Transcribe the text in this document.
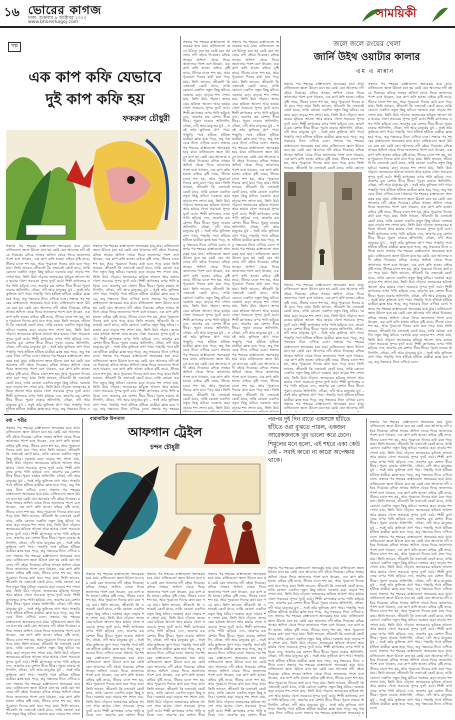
১৬ ভোরের কাগজ
ঢাকা, শুক্রবার ৯ অক্টোবর ২০২০
www.bhorerkagoj.com
সাময়িকী
গল্প
এক কাপ কফি যেভাবে
দুই কাপ কফি হয়
ফকরুল চৌধুরী
সন্ধ্যার পর শহরের রাস্তাগুলো অন্যরকম হয়ে যায়। বাতিগুলো জ্বলে উঠলে মনে হয় কেউ যেন আলোর নদী বইয়ে দিয়েছে। রফিক সাহেব অফিস থেকে ফিরে জানালার পাশে বসে থাকেন, এক কাপ কফি হাতে। বাইরে বৃষ্টি নামে, টিনের চালে শব্দ হয়, আর পুরোনো দিনের কথা মনে পড়ে যায়। তিনি ভাবেন, জীবনটা কি এভাবেই কেটে যাবে, নাকি কোনো একদিন নতুন কিছু ঘটবে। দরজায় কড়া নাড়ার শব্দ শোনা যায়, তিনি উঠে দাঁড়ান। জলরঙের ছবিতে আলো আর ছায়ার খেলা সবচেয়ে সুন্দর ফুটে ওঠে। শিল্পী কাগজের ওপর পানি ছড়িয়ে দেন, তারপর রঙ মেশান ধীরে ধীরে। পুরান ঢাকার অলিগলি, নৌকা, নদী আর মানুষের মুখ – সবই তাঁর তুলিতে প্রাণ পায়। পাহাড়ি পথে হাঁটতে হাঁটতে যাত্রীরা ক্লান্ত হয়ে পড়ে, তবু গন্তব্যের টানে এগিয়ে চলে। সন্ধ্যার পর শহরের রাস্তাগুলো অন্যরকম হয়ে যায়। বাতিগুলো জ্বলে উঠলে মনে হয় কেউ যেন আলোর নদী বইয়ে দিয়েছে। রফিক সাহেব অফিস থেকে ফিরে জানালার পাশে বসে থাকেন, এক কাপ কফি হাতে। বাইরে বৃষ্টি নামে, টিনের চালে শব্দ হয়, আর পুরোনো দিনের কথা মনে পড়ে যায়। তিনি ভাবেন, জীবনটা কি এভাবেই কেটে যাবে, নাকি কোনো একদিন নতুন কিছু ঘটবে। দরজায় কড়া নাড়ার শব্দ শোনা যায়, তিনি উঠে দাঁড়ান। জলরঙের ছবিতে আলো আর ছায়ার খেলা সবচেয়ে সুন্দর ফুটে ওঠে। শিল্পী কাগজের ওপর পানি ছড়িয়ে দেন, তারপর রঙ মেশান ধীরে ধীরে। পুরান ঢাকার অলিগলি, নৌকা, নদী আর মানুষের মুখ – সবই তাঁর তুলিতে প্রাণ পায়। পাহাড়ি পথে হাঁটতে হাঁটতে যাত্রীরা ক্লান্ত হয়ে পড়ে, তবু গন্তব্যের টানে এগিয়ে চলে। সন্ধ্যার পর শহরের রাস্তাগুলো অন্যরকম হয়ে যায়। বাতিগুলো জ্বলে উঠলে মনে হয় কেউ যেন আলোর নদী বইয়ে দিয়েছে। রফিক সাহেব অফিস থেকে ফিরে জানালার পাশে বসে থাকেন, এক কাপ কফি হাতে। বাইরে বৃষ্টি নামে, টিনের চালে শব্দ হয়, আর পুরোনো দিনের কথা মনে পড়ে যায়। তিনি ভাবেন, জীবনটা কি এভাবেই কেটে যাবে, নাকি কোনো একদিন নতুন কিছু ঘটবে। দরজায় কড়া নাড়ার শব্দ শোনা যায়, তিনি উঠে দাঁড়ান। জলরঙের ছবিতে আলো আর ছায়ার খেলা সবচেয়ে সুন্দর ফুটে ওঠে। শিল্পী কাগজের ওপর পানি ছড়িয়ে দেন, তারপর রঙ মেশান ধীরে ধীরে। পুরান ঢাকার অলিগলি, নৌকা, নদী আর মানুষের মুখ – সবই তাঁর তুলিতে প্রাণ পায়। পাহাড়ি পথে হাঁটতে হাঁটতে যাত্রীরা ক্লান্ত হয়ে পড়ে, তবু গন্তব্যের টানে এ
সন্ধ্যার পর শহরের রাস্তাগুলো অন্যরকম হয়ে যায়। বাতিগুলো জ্বলে উঠলে মনে হয় কেউ যেন আলোর নদী বইয়ে দিয়েছে। রফিক সাহেব অফিস থেকে ফিরে জানালার পাশে বসে থাকেন, এক কাপ কফি হাতে। বাইরে বৃষ্টি নামে, টিনের চালে শব্দ হয়, আর পুরোনো দিনের কথা মনে পড়ে যায়। তিনি ভাবেন, জীবনটা কি এভাবেই কেটে যাবে, নাকি কোনো একদিন নতুন কিছু ঘটবে। দরজায় কড়া নাড়ার শব্দ শোনা যায়, তিনি উঠে দাঁড়ান। জলরঙের ছবিতে আলো আর ছায়ার খেলা সবচেয়ে সুন্দর ফুটে ওঠে। শিল্পী কাগজের ওপর পানি ছড়িয়ে দেন, তারপর রঙ মেশান ধীরে ধীরে। পুরান ঢাকার অলিগলি, নৌকা, নদী আর মানুষের মুখ – সবই তাঁর তুলিতে প্রাণ পায়। পাহাড়ি পথে হাঁটতে হাঁটতে যাত্রীরা ক্লান্ত হয়ে পড়ে, তবু গন্তব্যের টানে এগিয়ে চলে। সন্ধ্যার পর শহরের রাস্তাগুলো অন্যরকম হয়ে যায়। বাতিগুলো জ্বলে উঠলে মনে হয় কেউ যেন আলোর নদী বইয়ে দিয়েছে। রফিক সাহেব অফিস থেকে ফিরে জানালার পাশে বসে থাকেন, এক কাপ কফি হাতে। বাইরে বৃষ্টি নামে, টিনের চালে শব্দ হয়, আর পুরোনো দিনের কথা মনে পড়ে যায়। তিনি ভাবেন, জীবনটা কি এভাবেই কেটে যাবে, নাকি কোনো একদিন নতুন কিছু ঘটবে। দরজায় কড়া নাড়ার শব্দ শোনা যায়, তিনি উঠে দাঁড়ান। জলরঙের ছবিতে আলো আর ছায়ার খেলা সবচেয়ে সুন্দর ফুটে ওঠে। শিল্পী কাগজের ওপর পানি ছড়িয়ে দেন, তারপর রঙ মেশান ধীরে ধীরে। পুরান ঢাকার অলিগলি, নৌকা, নদী আর মানুষের মুখ – সবই তাঁর তুলিতে প্রাণ পায়। পাহাড়ি পথে হাঁটতে হাঁটতে যাত্রীরা ক্লান্ত হয়ে পড়ে, তবু গন্তব্যের টানে এগিয়ে চলে। সন্ধ্যার পর শহরের রাস্তাগুলো অন্যরকম হয়ে যায়। বাতিগুলো জ্বলে উঠলে মনে হয় কেউ যেন আলোর নদী বইয়ে দিয়েছে। রফিক সাহেব অফিস থেকে ফিরে জানালার পাশে বসে থাকেন, এক কাপ কফি হাতে। বাইরে বৃষ্টি নামে, টিনের চালে শব্দ হয়, আর পুরোনো দিনের কথা মনে পড়ে যায়। তিনি ভাবেন, জীবনটা কি এভাবেই কেটে যাবে, নাকি কোনো একদিন নতুন কিছু ঘটবে। দরজায় কড়া নাড়ার শব্দ শোনা যায়, তিনি উঠে দাঁড়ান। জলরঙের ছবিতে আলো আর ছায়ার খেলা সবচেয়ে সুন্দর ফুটে ওঠে। শিল্পী কাগজের ওপর পানি ছড়িয়ে দেন, তারপর রঙ মেশান ধীরে ধীরে। পুরান ঢাকার অলিগলি, নৌকা, নদী আর মানুষের মুখ – সবই তাঁর তুলিতে প্রাণ পায়। পাহাড়ি পথে হাঁটতে হাঁটতে যাত্রীরা ক্লান্ত হয়ে পড়ে, তবু গন্তব্যের টানে এগিয়ে চলে। সন্ধ্যার পর শহরের
সন্ধ্যার পর শহরের রাস্তাগুলো অন্যরকম হয়ে যায়। বাতিগুলো জ্বলে উঠলে মনে হয় কেউ যেন আলোর নদী বইয়ে দিয়েছে। রফিক সাহেব অফিস থেকে ফিরে জানালার পাশে বসে থাকেন, এক কাপ কফি হাতে। বাইরে বৃষ্টি নামে, টিনের চালে শব্দ হয়, আর পুরোনো দিনের কথা মনে পড়ে যায়। তিনি ভাবেন, জীবনটা কি এভাবেই কেটে যাবে, নাকি কোনো একদিন নতুন কিছু ঘটবে। দরজায় কড়া নাড়ার শব্দ শোনা যায়, তিনি উঠে দাঁড়ান। জলরঙের ছবিতে আলো আর ছায়ার খেলা সবচেয়ে সুন্দর ফুটে ওঠে। শিল্পী কাগজের ওপর পানি ছড়িয়ে দেন, তারপর রঙ মেশান ধীরে ধীরে। পুরান ঢাকার অলিগলি, নৌকা, নদী আর মানুষের মুখ – সবই তাঁর তুলিতে প্রাণ পায়। পাহাড়ি পথে হাঁটতে হাঁটতে যাত্রীরা ক্লান্ত হয়ে পড়ে, তবু গন্তব্যের টানে এগিয়ে চলে। সন্ধ্যার পর শহরের রাস্তাগুলো অন্যরকম হয়ে যায়। বাতিগুলো জ্বলে উঠলে মনে হয় কেউ যেন আলোর নদী বইয়ে দিয়েছে। রফিক সাহেব অফিস থেকে ফিরে জানালার পাশে বসে থাকেন, এক কাপ কফি হাতে। বাইরে বৃষ্টি নামে, টিনের চালে শব্দ হয়, আর পুরোনো দিনের কথা মনে পড়ে যায়। তিনি ভাবেন, জীবনটা কি এভাবেই কেটে যাবে, নাকি কোনো একদিন নতুন কিছু ঘটবে। দরজায় কড়া নাড়ার শব্দ শোনা যায়, তিনি উঠে দাঁড়ান। জলরঙের ছবিতে আলো আর ছায়ার খেলা সবচেয়ে সুন্দর ফুটে ওঠে। শিল্পী কাগজের ওপর পানি ছড়িয়ে দেন, তারপর রঙ মেশান ধীরে ধীরে। পুরান ঢাকার অলিগলি, নৌকা, নদী আর মানুষের মুখ – সবই তাঁর তুলিতে প্রাণ পায়। পাহাড়ি পথে হাঁটতে হাঁটতে যাত্রীরা ক্লান্ত হয়ে পড়ে, তবু গন্তব্যের টানে এগিয়ে চলে। সন্ধ্যার পর শহরের রাস্তাগুলো অন্যরকম হয়ে যায়। বাতিগুলো জ্বলে উঠলে মনে হয় কেউ যেন আলোর নদী বইয়ে দিয়েছে। রফিক সাহেব অফিস থেকে ফিরে জানালার পাশে বসে থাকেন, এক কাপ কফি হাতে। বাইরে বৃষ্টি নামে, টিনের চালে শব্দ হয়, আর পুরোনো দিনের কথা মনে পড়ে যায়। তিনি ভাবেন, জীবনটা কি এভাবেই কেটে যাবে, নাকি কোনো একদিন নতুন কিছু ঘটবে। দরজায় কড়া নাড়ার শব্দ শোনা যায়, তিনি উঠে দাঁড়ান। জলরঙের ছবিতে আলো আর ছায়ার খেলা সবচেয়ে সুন্দর ফুটে ওঠে। শিল্পী কাগজের ওপর পানি ছড়িয়ে দেন, তারপর রঙ মেশান ধীরে ধীরে। পুরান ঢাকার অলিগলি, নৌকা, নদী আর মানুষের মুখ – সবই তাঁর তুলিতে প্রাণ পায়। পাহাড়ি পথে হাঁটতে হাঁটতে যাত্রীরা ক্লান্ত হয়ে পড়ে, তবু গন্তব্যের টানে এগিয়ে চলে। সন্ধ্যার পর শহরের রাস্তাগুলো অন্যরকম হয়ে যায়। বাতিগুলো জ্বলে উঠলে মনে হয় কেউ যেন আলোর নদী বইয়ে দিয়েছে। রফিক সাহেব অফিস থেকে ফিরে জানালার পাশে বসে থাকেন, এক কাপ কফি হাতে। বাইরে বৃষ্টি নামে, টিনের চালে শব্দ হয়, আর পুরোনো দিনের কথা মনে পড়ে যায়। তিনি ভাবেন, জীবনটা কি এভাবেই কেটে যাবে, নাকি কোনো একদিন নতুন কিছু ঘটবে। দরজায় কড়া নাড়ার শব্দ শোনা যায়, তিনি উঠে
সন্ধ্যার পর শহরের রাস্তাগুলো অন্যরকম হয়ে যায়। বাতিগুলো জ্বলে উঠলে মনে হয় কেউ যেন আলোর নদী বইয়ে দিয়েছে। রফিক সাহেব অফিস থেকে ফিরে জানালার পাশে বসে থাকেন, এক কাপ কফি হাতে। বাইরে বৃষ্টি নামে, টিনের চালে শব্দ হয়, আর পুরোনো দিনের কথা মনে পড়ে যায়। তিনি ভাবেন, জীবনটা কি এভাবেই কেটে যাবে, নাকি কোনো একদিন নতুন কিছু ঘটবে। দরজায় কড়া নাড়ার শব্দ শোনা যায়, তিনি উঠে দাঁড়ান। জলরঙের ছবিতে আলো আর ছায়ার খেলা সবচেয়ে সুন্দর ফুটে ওঠে। শিল্পী কাগজের ওপর পানি ছড়িয়ে দেন, তারপর রঙ মেশান ধীরে ধীরে। পুরান ঢাকার অলিগলি, নৌকা, নদী আর মানুষের মুখ – সবই তাঁর তুলিতে প্রাণ পায়। পাহাড়ি পথে হাঁটতে হাঁটতে যাত্রীরা ক্লান্ত হয়ে পড়ে, তবু গন্তব্যের টানে এগিয়ে চলে। সন্ধ্যার পর শহরের রাস্তাগুলো অন্যরকম হয়ে যায়। বাতিগুলো জ্বলে উঠলে মনে হয় কেউ যেন আলোর নদী বইয়ে দিয়েছে। রফিক সাহেব অফিস থেকে ফিরে জানালার পাশে বসে থাকেন, এক কাপ কফি হাতে। বাইরে বৃষ্টি নামে, টিনের চালে শব্দ হয়, আর পুরোনো দিনের কথা মনে পড়ে যায়। তিনি ভাবেন, জীবনটা কি এভাবেই কেটে যাবে, নাকি কোনো একদিন নতুন কিছু ঘটবে। দরজায় কড়া নাড়ার শব্দ শোনা যায়, তিনি উঠে দাঁড়ান। জলরঙের ছবিতে আলো আর ছায়ার খেলা সবচেয়ে সুন্দর ফুটে ওঠে। শিল্পী কাগজের ওপর পানি ছড়িয়ে দেন, তারপর রঙ মেশান ধীরে ধীরে। পুরান ঢাকার অলিগলি, নৌকা, নদী আর মানুষের মুখ – সবই তাঁর তুলিতে প্রাণ পায়। পাহাড়ি পথে হাঁটতে হাঁটতে যাত্রীরা ক্লান্ত হয়ে পড়ে, তবু গন্তব্যের টানে এগিয়ে চলে। সন্ধ্যার পর শহরের রাস্তাগুলো অন্যরকম হয়ে যায়। বাতিগুলো জ্বলে উঠলে মনে হয় কেউ যেন আলোর নদী বইয়ে দিয়েছে। রফিক সাহেব অফিস থেকে ফিরে জানালার পাশে বসে থাকেন, এক কাপ কফি হাতে। বাইরে বৃষ্টি নামে, টিনের চালে শব্দ হয়, আর পুরোনো দিনের কথা মনে পড়ে যায়। তিনি ভাবেন, জীবনটা কি এভাবেই কেটে যাবে, নাকি কোনো একদিন নতুন কিছু ঘটবে। দরজায় কড়া নাড়ার শব্দ শোনা যায়, তিনি উঠে দাঁড়ান। জলরঙের ছবিতে আলো আর ছায়ার খেলা সবচেয়ে সুন্দর ফুটে ওঠে। শিল্পী কাগজের ওপর পানি ছড়িয়ে দেন, তারপর রঙ মেশান ধীরে ধীরে। পুরান ঢাকার অলিগলি, নৌকা, নদী আর মানুষের মুখ – সবই তাঁর তুলিতে প্রাণ পায়। পাহাড়ি পথে হাঁটতে হাঁটতে যাত্রীরা ক্লান্ত হয়ে পড়ে, তবু গন্তব্যের টানে এগিয়ে চলে। সন্ধ্যার পর শহরের রাস্তাগুলো অন্যরকম হয়ে যায়। বাতিগুলো জ্বলে উঠলে মনে হয় কেউ যেন আলোর নদী বইয়ে দিয়েছে। রফিক সাহেব অফিস থেকে ফিরে জানালার পাশে বসে থাকেন, এক কাপ কফি হাতে। বাইরে বৃষ্টি নামে, টিনের চালে শব্দ হয়, আর পুরোনো দিনের কথা মনে পড়ে যায়। তিনি ভাবেন, জীবনটা কি এভাবেই কেটে যাবে, নাকি কোনো একদিন নতুন কিছু ঘটবে। দরজায় কড়া নাড়ার শব্দ শোনা যায়, তিনি উঠে
জলে জলে রংয়ের খেলা
জার্নি উইথ ওয়াটার কালার
এম এ মান্নান
সন্ধ্যার পর শহরের রাস্তাগুলো অন্যরকম হয়ে যায়। বাতিগুলো জ্বলে উঠলে মনে হয় কেউ যেন আলোর নদী বইয়ে দিয়েছে। রফিক সাহেব অফিস থেকে ফিরে জানালার পাশে বসে থাকেন, এক কাপ কফি হাতে। বাইরে বৃষ্টি নামে, টিনের চালে শব্দ হয়, আর পুরোনো দিনের কথা মনে পড়ে যায়। তিনি ভাবেন, জীবনটা কি এভাবেই কেটে যাবে, নাকি কোনো একদিন নতুন কিছু ঘটবে। দরজায় কড়া নাড়ার শব্দ শোনা যায়, তিনি উঠে দাঁড়ান। জলরঙের ছবিতে আলো আর ছায়ার খেলা সবচেয়ে সুন্দর ফুটে ওঠে। শিল্পী কাগজের ওপর পানি ছড়িয়ে দেন, তারপর রঙ মেশান ধীরে ধীরে। পুরান ঢাকার অলিগলি, নৌকা, নদী আর মানুষের মুখ – সবই তাঁর তুলিতে প্রাণ পায়। পাহাড়ি পথে হাঁটতে হাঁটতে যাত্রীরা ক্লান্ত হয়ে পড়ে, তবু গন্তব্যের টানে এগিয়ে চলে। সন্ধ্যার পর শহরের রাস্তাগুলো অন্যরকম হয়ে যায়। বাতিগুলো জ্বলে উঠলে মনে হয় কেউ যেন আলোর নদী বইয়ে দিয়েছে। রফিক সাহেব অফিস থেকে ফিরে জানালার পাশে বসে থাকেন, এক কাপ কফি হাতে। বাইরে বৃষ্টি নামে, টিনের চালে শব্দ হয়, আর পুরোনো দিনের কথা মনে পড়ে যায়। তিনি ভাবেন, জীবনটা কি এভাবেই কেটে যাবে, নাকি কোনো
সন্ধ্যার পর শহরের রাস্তাগুলো অন্যরকম হয়ে যায়। বাতিগুলো জ্বলে উঠলে মনে হয় কেউ যেন আলোর নদী বইয়ে দিয়েছে। রফিক সাহেব অফিস থেকে ফিরে জানালার পাশে বসে থাকেন, এক কাপ কফি হাতে। বাইরে বৃষ্টি নামে, টিনের চালে শব্দ হয়, আর পুরোনো দিনের কথা মনে পড়ে যায়। তিনি ভাবেন, জীবনটা কি এভাবেই কেটে যাবে, নাকি কোনো একদিন নতুন কিছু ঘটবে। দরজায় কড়া নাড়ার শব্দ শোনা যায়, তিনি উঠে দাঁড়ান। জলরঙের ছবিতে আলো আর ছায়ার খেলা সবচেয়ে সুন্দর ফুটে ওঠে। শিল্পী কাগজের ওপর পানি ছড়িয়ে দেন, তারপর রঙ মেশান ধীরে ধীরে। পুরান ঢাকার অলিগলি, নৌকা, নদী আর মানুষের মুখ – সবই তাঁর তুলিতে প্রাণ পায়। পাহাড়ি পথে হাঁটতে হাঁটতে যাত্রীরা ক্লান্ত হয়ে পড়ে, তবু গন্তব্যের টানে এগিয়ে চলে। সন্ধ্যার পর শহরের রাস্তাগুলো অন্যরকম হয়ে যায়। বাতিগুলো জ্বলে উঠলে মনে হয় কেউ যেন আলোর নদী বইয়ে দিয়েছে। রফিক সাহেব অফিস থেকে ফিরে জানালার পাশে বসে থাকেন, এক কাপ কফি হাতে। বাইরে বৃষ্টি নামে, টিনের চালে শব্দ হয়, আর পুরোনো দিনের কথা মনে পড়ে যায়। তিনি ভাবেন, জীবনটা কি এভাবেই কেটে যাবে, নাকি কোনো একদিন নতুন কিছু ঘটবে। দরজায় কড়া নাড়ার শব্দ শোনা যায়, তিনি উঠে দাঁড়ান। জলরঙের ছবিতে আলো আর ছায়ার খেলা সবচেয়ে সুন্দর ফুটে ওঠে। শিল্পী কাগজের ওপর পানি ছড়িয়ে দেন, তারপর রঙ মেশান ধীরে ধীরে। পুরান ঢাকার অলিগলি, নৌকা, নদী আর মানুষের মুখ – সবই তাঁর তুলিতে প্রাণ পায়। পাহাড়ি পথে হাঁটতে হাঁটতে যাত্রীরা ক্লান্ত হয়ে পড়ে, তবু গন্তব্যের টানে এগিয়ে চলে। সন্ধ্যার পর শহরের রাস্তাগুলো অন্যরকম হয়ে যায়। বাতিগুলো জ্বলে উঠলে মনে হয় কেউ যেন আলোর নদী বইয়ে দিয়েছে। রফিক সাহেব অফিস থেকে ফিরে জানালার পাশে বসে থাকেন, এক কাপ কফি হাতে। বাইরে বৃষ্টি নামে, টিনের চালে শব্দ হয়, আর পুরোনো দিনের কথা মনে পড়ে যায়। তিনি ভাবেন, জীবনটা কি এভাবেই কেটে যাবে, নাকি কোনো একদিন নতুন কিছু ঘটবে। দরজায় কড়া নাড়ার শব্দ শোনা যায়, তিনি উঠে দাঁড়ান। জলরঙের ছবিতে আলো আর ছায়ার খেলা সবচেয়ে সুন্দর ফুটে ওঠে। শিল্পী কাগজের ওপর পানি ছড়িয়ে দেন, তারপর রঙ মেশান ধীরে ধীরে। পুরান ঢাকার অলিগলি, নৌকা, নদী আর মানুষের মুখ – সবই তাঁর তুলিতে প্রাণ পায়। পাহাড়ি পথে হাঁটতে হাঁটতে যাত্রীরা ক্লান্ত হয়ে পড়ে, তবু গন্তব্যের টানে এগিয়ে চলে। সন্ধ্যার পর শহরের রাস্তাগুলো অন্যরকম হয়ে যায়। বাতিগুলো জ্বলে উঠলে মনে হয় কেউ যেন আলোর নদী বইয়ে দিয়েছে। রফিক সাহেব অফিস থেকে ফিরে জানালার পাশে বসে থাকেন, এক কাপ কফি হাতে। বাইরে বৃষ্টি নামে, টিনের চালে শব্দ হয়, আর পুরোনো দিনের কথা মনে পড়ে যায়। তিনি ভাবেন, জীবনটা কি এভাবেই কেটে যাবে, নাকি কোনো একদিন নতুন কিছু ঘটবে। দরজায় কড়া নাড়ার শব্দ শোনা যায়, তিনি উঠে দাঁড়ান। জলরঙের ছবিতে আলো আর ছায়ার খেলা সবচেয়ে সুন্দর ফুটে ওঠে। শিল্পী কাগজের ওপর পানি ছড়িয়ে দেন, তারপর রঙ মেশান ধীরে ধীরে। পুরান ঢাকার অলিগলি, নৌকা, নদী আর মানুষের মুখ – সবই তাঁর তুলিতে প্রাণ পায়। পাহাড়ি পথে হাঁটতে হাঁটতে যাত্রীরা ক্লান্ত হয়ে পড়ে, তবু গন্তব্যের টানে এগিয়ে চলে। সন্ধ্যার পর শহরের রাস্তাগুলো অন্যরকম হয়ে যায়। বাতিগুলো জ্বলে উঠলে মনে হয় কেউ যেন আলোর নদী বইয়ে দিয়েছে। রফিক সাহেব অফিস থেকে ফিরে জানালার পাশে বসে থাকেন, এক কাপ কফি হাতে। বাইরে বৃষ্টি নামে, টিনের চালে শব্দ হয়, আর পুরোনো দিনের কথা মনে পড়ে যায়। তিনি ভাবেন, জীবনটা কি এভাবেই কেটে যাবে, নাকি কোনো একদিন নতুন কিছু ঘটবে। দরজায় কড়া নাড়ার শব্দ শোনা যায়, তিনি উঠে দাঁড়ান। জলরঙের ছবিতে আলো আর ছায়ার খেলা সবচেয়ে সুন্দর ফুটে ওঠে। শিল্পী কাগজের ওপর পানি ছড়িয়ে দেন, তারপর রঙ মেশান ধীরে ধীরে। পুরান ঢাকার অলিগলি, নৌকা, নদী আর মানুষের মুখ – সবই তাঁর তুলিতে প্রাণ পায়। পাহাড়ি পথে হাঁটতে হাঁটতে যাত্রীরা ক্লান্ত হয়ে পড়ে, তবু গন্তব্যের টানে এগিয়ে চলে।
সন্ধ্যার পর শহরের রাস্তাগুলো অন্যরকম হয়ে যায়। বাতিগুলো জ্বলে উঠলে মনে হয় কেউ যেন আলোর নদী বইয়ে দিয়েছে। রফিক সাহেব অফিস থেকে ফিরে জানালার পাশে বসে থাকেন, এক কাপ কফি হাতে। বাইরে বৃষ্টি নামে, টিনের চালে শব্দ হয়, আর পুরোনো দিনের কথা মনে পড়ে যায়। তিনি ভাবেন, জীবনটা কি এভাবেই কেটে যাবে, নাকি কোনো একদিন নতুন কিছু ঘটবে। দরজায় কড়া নাড়ার শব্দ শোনা যায়, তিনি উঠে দাঁড়ান। জলরঙের ছবিতে আলো আর ছায়ার খেলা সবচেয়ে সুন্দর ফুটে ওঠে। শিল্পী কাগজের ওপর পানি ছড়িয়ে দেন, তারপর রঙ মেশান ধীরে ধীরে। পুরান ঢাকার অলিগলি, নৌকা, নদী আর মানুষের মুখ – সবই তাঁর তুলিতে প্রাণ পায়। পাহাড়ি পথে হাঁটতে হাঁটতে যাত্রীরা ক্লান্ত হয়ে পড়ে, তবু গন্তব্যের টানে এগিয়ে চলে। সন্ধ্যার পর শহরের রাস্তাগুলো অন্যরকম হয়ে যায়। বাতিগুলো জ্বলে উঠলে মনে হয় কেউ যেন আলোর নদী বইয়ে দিয়েছে। রফিক সাহেব অফিস থেকে ফিরে জানালার পাশে বসে থাকেন, এক কাপ কফি হাতে। বাইরে বৃষ্টি নামে, টিনের চালে শব্দ হয়, আর পুরোনো দিনের কথা মনে পড়ে যায়। তিনি ভাবেন, জীবনটা কি এভাবেই কেটে যাবে, নাকি কোনো একদিন নতুন কিছু ঘটবে। দরজায় কড়া নাড়ার শব্দ শোনা যায়, তিনি উঠে দাঁড়ান। জলরঙের ছবিতে আলো আর ছায়ার খেলা সবচেয়ে সুন্দর ফুটে ওঠে। শিল্পী কাগজের ওপর পানি ছড়িয়ে দেন, তারপর রঙ মেশান ধীরে ধীরে। পুরান ঢাকার অলিগলি, নৌকা, নদী আর মানুষের মুখ – সবই তাঁর তুলিতে প্রাণ পায়। পাহাড়ি পথে হাঁটতে হাঁটতে যাত্রীরা ক্লান্ত হয়ে পড়ে, তবু গন্তব্যের টানে এগিয়ে চলে। সন্ধ্যার পর শহরের রাস্তাগুলো অন্যরকম হয়ে যায়। বাতিগুলো জ্বলে উঠলে মনে হয় কেউ যেন আলোর নদী
বর্ষা – শরীর	ধারাবাহিক উপন্যাস
আফগান ট্রেইল
চন্দন চৌধুরী
সন্ধ্যার পর শহরের রাস্তাগুলো অন্যরকম হয়ে যায়। বাতিগুলো জ্বলে উঠলে মনে হয় কেউ যেন আলোর নদী বইয়ে দিয়েছে। রফিক সাহেব অফিস থেকে ফিরে জানালার পাশে বসে থাকেন, এক কাপ কফি হাতে। বাইরে বৃষ্টি নামে, টিনের চালে শব্দ হয়, আর পুরোনো দিনের কথা মনে পড়ে যায়। তিনি ভাবেন, জীবনটা কি এভাবেই কেটে যাবে, নাকি কোনো একদিন নতুন কিছু ঘটবে। দরজায় কড়া নাড়ার শব্দ শোনা যায়, তিনি উঠে দাঁড়ান। জলরঙের ছবিতে আলো আর ছায়ার খেলা সবচেয়ে সুন্দর ফুটে ওঠে। শিল্পী কাগজের ওপর পানি ছড়িয়ে দেন, তারপর রঙ মেশান ধীরে ধীরে। পুরান ঢাকার অলিগলি, নৌকা, নদী আর মানুষের মুখ – সবই তাঁর তুলিতে প্রাণ পায়। পাহাড়ি পথে হাঁটতে হাঁটতে যাত্রীরা ক্লান্ত হয়ে পড়ে, তবু গন্তব্যের টানে এগিয়ে চলে। সন্ধ্যার পর শহরের রাস্তাগুলো অন্যরকম হয়ে যায়। বাতিগুলো জ্বলে উঠলে মনে হয় কেউ যেন আলোর নদী বইয়ে দিয়েছে। রফিক সাহেব অফিস থেকে ফিরে জানালার পাশে বসে থাকেন, এক কাপ কফি হাতে। বাইরে বৃষ্টি নামে, টিনের চালে শব্দ হয়, আর পুরোনো দিনের কথা মনে পড়ে যায়। তিনি ভাবেন, জীবনটা কি এভাবেই কেটে যাবে, নাকি কোনো একদিন নতুন কিছু ঘটবে। দরজায় কড়া নাড়ার শব্দ শোনা যায়, তিনি উঠে দাঁড়ান। জলরঙের ছবিতে আলো আর ছায়ার খেলা সবচেয়ে সুন্দর ফুটে ওঠে। শিল্পী কাগজের ওপর পানি ছড়িয়ে দেন, তারপর রঙ মেশান ধীরে ধীরে। পুরান ঢাকার অলিগলি, নৌকা, নদী আর মানুষের মুখ – সবই তাঁর তুলিতে প্রাণ পায়। পাহাড়ি পথে হাঁটতে হাঁটতে যাত্রীরা ক্লান্ত হয়ে পড়ে, তবু গন্তব্যের টানে এগিয়ে চলে। সন্ধ্যার পর শহরের রাস্তাগুলো অন্যরকম হয়ে যায়। বাতিগুলো জ্বলে উঠলে মনে হয় কেউ যেন আলোর নদী বইয়ে দিয়েছে। রফিক সাহেব অফিস থেকে ফিরে জানালার পাশে বসে থাকেন, এক কাপ কফি হাতে। বাইরে বৃষ্টি নামে, টিনের চালে শব্দ হয়, আর পুরোনো দিনের কথা মনে পড়ে যায়। তিনি ভাবেন, জীবনটা কি এভাবেই কেটে যাবে, নাকি কোনো একদিন নতুন কিছু ঘটবে। দরজায় কড়া নাড়ার শব্দ শোনা যায়, তিনি উঠে দাঁড়ান। জলরঙের ছবিতে আলো আর ছায়ার খেলা সবচেয়ে সুন্দর ফুটে ওঠে। শিল্পী কাগজের ওপর পানি ছড়িয়ে দেন, তারপর রঙ মেশান ধীরে ধীরে। পুরান ঢাকার অলিগলি, নৌকা, নদী আর মানুষের মুখ – সবই তাঁর তুলিতে প্রাণ পায়। পাহাড়ি পথে হাঁটতে হাঁটতে যাত্রীরা ক্লান্ত হয়ে পড়ে, তবু গন্তব্যের টানে এগিয়ে চলে। সন্ধ্যার পর শহরের রাস্তাগুলো অন্যরকম হয়ে যায়। বাতিগুলো জ্বলে উঠলে মনে হয় কেউ যেন আলোর নদী বইয়ে দিয়েছে। রফিক সাহেব অফিস থেকে ফিরে জানালার পাশে বসে থাকেন, এক কাপ কফি হাতে। বাইরে বৃষ্টি নামে, টিনের চালে শব্দ হয়, আর পুরোনো দিনের কথা মনে পড়ে যায়। তিনি ভাবেন, জীবনটা কি এভাবেই কেটে যাবে, নাকি কোনো একদিন নতুন কিছু ঘটবে। দরজায় কড়া নাড়ার শব্দ শোনা যায়, তিনি উঠে দাঁড়ান। জলরঙের ছবিতে আলো আর ছায়ার খেলা সবচেয়ে সুন্দর ফুটে ওঠে। শিল্পী কাগজের ওপর পানি ছড়িয়ে দেন, তারপর রঙ মেশান ধীরে ধীরে। পুরান ঢাকার অলিগলি, নৌকা, নদী আর মানুষের মুখ – সবই তাঁর তুলিতে প্রাণ পায়। পাহাড়ি পথে হাঁটতে হাঁটতে যাত্রীরা ক্লান্ত হয়ে পড়ে, তবু গন্তব্যের টানে এগিয়ে চলে। সন্ধ্যার পর শহরের রাস্তাগুলো অন্যরকম হয়ে যায়। বাতিগুলো জ্বলে উঠলে মনে হয় কেউ যেন আলোর নদী বইয়ে দিয়েছে। রফিক সাহেব অফিস থেকে ফিরে জানালার পাশে বসে থাকেন, এক কাপ কফি হাতে। বাইরে বৃষ্টি নামে, টিনের চালে শব্দ হয়, আর পুরোনো দিনের কথা মনে পড়ে যায়। তিনি ভাবেন, জীবনটা কি এভাবেই কেটে যাবে, নাকি কোনো একদিন নতুন কিছু ঘটবে। দরজায় কড়া নাড়ার শব্দ শোনা
সন্ধ্যার পর শহরের রাস্তাগুলো অন্যরকম হয়ে যায়। বাতিগুলো জ্বলে উঠলে মনে হয় কেউ যেন আলোর নদী বইয়ে দিয়েছে। রফিক সাহেব অফিস থেকে ফিরে জানালার পাশে বসে থাকেন, এক কাপ কফি হাতে। বাইরে বৃষ্টি নামে, টিনের চালে শব্দ হয়, আর পুরোনো দিনের কথা মনে পড়ে যায়। তিনি ভাবেন, জীবনটা কি এভাবেই কেটে যাবে, নাকি কোনো একদিন নতুন কিছু ঘটবে। দরজায় কড়া নাড়ার শব্দ শোনা যায়, তিনি উঠে দাঁড়ান। জলরঙের ছবিতে আলো আর ছায়ার খেলা সবচেয়ে সুন্দর ফুটে ওঠে। শিল্পী কাগজের ওপর পানি ছড়িয়ে দেন, তারপর রঙ মেশান ধীরে ধীরে। পুরান ঢাকার অলিগলি, নৌকা, নদী আর মানুষের মুখ – সবই তাঁর তুলিতে প্রাণ পায়। পাহাড়ি পথে হাঁটতে হাঁটতে যাত্রীরা ক্লান্ত হয়ে পড়ে, তবু গন্তব্যের টানে এগিয়ে চলে। সন্ধ্যার পর শহরের রাস্তাগুলো অন্যরকম হয়ে যায়। বাতিগুলো জ্বলে উঠলে মনে হয় কেউ যেন আলোর নদী বইয়ে দিয়েছে। রফিক সাহেব অফিস থেকে ফিরে জানালার পাশে বসে থাকেন, এক কাপ কফি হাতে। বাইরে বৃষ্টি নামে, টিনের চালে শব্দ হয়, আর পুরোনো দিনের কথা মনে পড়ে যায়। তিনি ভাবেন, জীবনটা কি এভাবেই কেটে যাবে, নাকি কোনো একদিন নতুন কিছু ঘটবে। দরজায় কড়া নাড়ার শব্দ শোনা যায়, তিনি উঠে দাঁড়ান। জলরঙের ছবিতে আলো আর ছায়ার খেলা সবচেয়ে সুন্দর ফুটে ওঠে। শিল্পী কাগজের ওপর পানি ছড়িয়ে দেন, তারপর রঙ মেশান ধীরে
সন্ধ্যার পর শহরের রাস্তাগুলো অন্যরকম হয়ে যায়। বাতিগুলো জ্বলে উঠলে মনে হয় কেউ যেন আলোর নদী বইয়ে দিয়েছে। রফিক সাহেব অফিস থেকে ফিরে জানালার পাশে বসে থাকেন, এক কাপ কফি হাতে। বাইরে বৃষ্টি নামে, টিনের চালে শব্দ হয়, আর পুরোনো দিনের কথা মনে পড়ে যায়। তিনি ভাবেন, জীবনটা কি এভাবেই কেটে যাবে, নাকি কোনো একদিন নতুন কিছু ঘটবে। দরজায় কড়া নাড়ার শব্দ শোনা যায়, তিনি উঠে দাঁড়ান। জলরঙের ছবিতে আলো আর ছায়ার খেলা সবচেয়ে সুন্দর ফুটে ওঠে। শিল্পী কাগজের ওপর পানি ছড়িয়ে দেন, তারপর রঙ মেশান ধীরে ধীরে। পুরান ঢাকার অলিগলি, নৌকা, নদী আর মানুষের মুখ – সবই তাঁর তুলিতে প্রাণ পায়। পাহাড়ি পথে হাঁটতে হাঁটতে যাত্রীরা ক্লান্ত হয়ে পড়ে, তবু গন্তব্যের টানে এগিয়ে চলে। সন্ধ্যার পর শহরের রাস্তাগুলো অন্যরকম হয়ে যায়। বাতিগুলো জ্বলে উঠলে মনে হয় কেউ যেন আলোর নদী বইয়ে দিয়েছে। রফিক সাহেব অফিস থেকে ফিরে জানালার পাশে বসে থাকেন, এক কাপ কফি হাতে। বাইরে বৃষ্টি নামে, টিনের চালে শব্দ হয়, আর পুরোনো দিনের কথা মনে পড়ে যায়। তিনি ভাবেন, জীবনটা কি এভাবেই কেটে যাবে, নাকি কোনো একদিন নতুন কিছু ঘটবে। দরজায় কড়া নাড়ার শব্দ শোনা যায়, তিনি উঠে দাঁড়ান। জলরঙের ছবিতে আলো আর ছায়ার খেলা সবচেয়ে সুন্দর ফুটে ওঠে। শিল্পী কাগজের ওপর পানি ছড়িয়ে দেন, তারপর রঙ মেশান ধীরে
সন্ধ্যার পর শহরের রাস্তাগুলো অন্যরকম হয়ে যায়। বাতিগুলো জ্বলে উঠলে মনে হয় কেউ যেন আলোর নদী বইয়ে দিয়েছে। রফিক সাহেব অফিস থেকে ফিরে জানালার পাশে বসে থাকেন, এক কাপ কফি হাতে। বাইরে বৃষ্টি নামে, টিনের চালে শব্দ হয়, আর পুরোনো দিনের কথা মনে পড়ে যায়। তিনি ভাবেন, জীবনটা কি এভাবেই কেটে যাবে, নাকি কোনো একদিন নতুন কিছু ঘটবে। দরজায় কড়া নাড়ার শব্দ শোনা যায়, তিনি উঠে দাঁড়ান। জলরঙের ছবিতে আলো আর ছায়ার খেলা সবচেয়ে সুন্দর ফুটে ওঠে। শিল্পী কাগজের ওপর পানি ছড়িয়ে দেন, তারপর রঙ মেশান ধীরে ধীরে। পুরান ঢাকার অলিগলি, নৌকা, নদী আর মানুষের মুখ – সবই তাঁর তুলিতে প্রাণ পায়। পাহাড়ি পথে হাঁটতে হাঁটতে যাত্রীরা ক্লান্ত হয়ে পড়ে, তবু গন্তব্যের টানে এগিয়ে চলে। সন্ধ্যার পর শহরের রাস্তাগুলো অন্যরকম হয়ে যায়। বাতিগুলো জ্বলে উঠলে মনে হয় কেউ যেন আলোর নদী বইয়ে দিয়েছে। রফিক সাহেব অফিস থেকে ফিরে জানালার পাশে বসে থাকেন, এক কাপ কফি হাতে। বাইরে বৃষ্টি নামে, টিনের চালে শব্দ হয়, আর পুরোনো দিনের কথা মনে পড়ে যায়। তিনি ভাবেন, জীবনটা কি এভাবেই কেটে যাবে, নাকি কোনো একদিন নতুন কিছু ঘটবে। দরজায় কড়া নাড়ার শব্দ শোনা যায়, তিনি উঠে দাঁড়ান। জলরঙের ছবিতে আলো আর ছায়ার খেলা সবচেয়ে সুন্দর ফুটে ওঠে। শিল্পী কাগজের ওপর পানি ছড়িয়ে দেন, তারপর রঙ মেশান ধীরে
পরপর দুই দিন রাতে একসঙ্গে হাঁটতে হাঁটতে ওরা বুঝতে পারল, একজন আরেকজনকে খুব ভালো করে চেনে। শিমুলের মনে হলো, এই শহরে একা কেউ নেই – সবাই কারো না কারো অপেক্ষায় থাকে।
সন্ধ্যার পর শহরের রাস্তাগুলো অন্যরকম হয়ে যায়। বাতিগুলো জ্বলে উঠলে মনে হয় কেউ যেন আলোর নদী বইয়ে দিয়েছে। রফিক সাহেব অফিস থেকে ফিরে জানালার পাশে বসে থাকেন, এক কাপ কফি হাতে। বাইরে বৃষ্টি নামে, টিনের চালে শব্দ হয়, আর পুরোনো দিনের কথা মনে পড়ে যায়। তিনি ভাবেন, জীবনটা কি এভাবেই কেটে যাবে, নাকি কোনো একদিন নতুন কিছু ঘটবে। দরজায় কড়া নাড়ার শব্দ শোনা যায়, তিনি উঠে দাঁড়ান। জলরঙের ছবিতে আলো আর ছায়ার খেলা সবচেয়ে সুন্দর ফুটে ওঠে। শিল্পী কাগজের ওপর পানি ছড়িয়ে দেন, তারপর রঙ মেশান ধীরে ধীরে। পুরান ঢাকার অলিগলি, নৌকা, নদী আর মানুষের মুখ – সবই তাঁর তুলিতে প্রাণ পায়। পাহাড়ি পথে হাঁটতে হাঁটতে যাত্রীরা ক্লান্ত হয়ে পড়ে, তবু গন্তব্যের টানে এগিয়ে চলে। সন্ধ্যার পর শহরের রাস্তাগুলো অন্যরকম হয়ে যায়। বাতিগুলো জ্বলে উঠলে মনে হয় কেউ যেন আলোর নদী বইয়ে দিয়েছে। রফিক সাহেব অফিস থেকে ফিরে জানালার পাশে বসে থাকেন, এক কাপ কফি হাতে। বাইরে বৃষ্টি নামে, টিনের চালে শব্দ হয়, আর পুরোনো দিনের কথা মনে পড়ে যায়। তিনি ভাবেন, জীবনটা কি এভাবেই কেটে যাবে, নাকি কোনো একদিন নতুন কিছু ঘটবে। দরজায় কড়া নাড়ার শব্দ শোনা যায়, তিনি উঠে দাঁড়ান। জলরঙের ছবিতে আলো আর ছায়ার খেলা সবচেয়ে সুন্দর ফুটে ওঠে। শিল্পী কাগজের ওপর পানি ছড়িয়ে দেন, তারপর রঙ মেশান ধীরে ধীরে। পুরান ঢাকার অলিগলি, নৌকা, নদী আর মানুষের মুখ – সবই তাঁর তুলিতে প্রাণ পায়। পাহাড়ি পথে হাঁটতে হাঁটতে যাত্রীরা ক্লান্ত হয়ে পড়ে, তবু গন্তব্যের টানে এগিয়ে চলে। সন্ধ্যার পর শহরের রাস্তাগুলো অন্যরকম হয়ে যায়। বাতিগুলো জ্বলে উঠলে মনে হয় কেউ যেন আলোর নদী বইয়ে দিয়েছে। রফিক সাহেব অফিস থেকে ফিরে জানালার পাশে বসে থাকেন, এক কাপ কফি হাতে। বাইরে বৃষ্টি নামে, টিনের চালে শব্দ হয়, আর পুরোনো দিনের কথা মনে পড়ে যায়। তিনি ভাবেন, জীবনটা কি এভাবেই কেটে যাবে, নাকি কোনো একদিন নতুন কিছু ঘটবে। দরজায় কড়া নাড়ার শব্দ শোনা যায়, তিনি উঠে দাঁড়ান। জলরঙের ছবিতে আলো আর ছায়ার খেলা সবচেয়ে সুন্দর ফুটে ওঠে। শিল্পী কাগজের ওপর পানি ছড়িয়ে দেন, তারপর রঙ মেশান ধীরে ধীরে। পুরান ঢাকার অলিগলি, নৌকা, নদী আর মানুষের মুখ – সবই তাঁর তুলিতে প্রাণ পায়। পাহাড়ি পথে হাঁটতে হাঁটতে যাত্রীরা ক্লান্ত হয়ে পড়ে, তবু গন্তব্যের টানে এগিয়ে চলে। সন্ধ্যার পর শহরের রাস্তাগুলো অন্যরকম হ
সন্ধ্যার পর শহরের রাস্তাগুলো অন্যরকম হয়ে যায়। বাতিগুলো জ্বলে উঠলে মনে হয় কেউ যেন আলোর নদী বইয়ে দিয়েছে। রফিক সাহেব অফিস থেকে ফিরে জানালার পাশে বসে থাকেন, এক কাপ কফি হাতে। বাইরে বৃষ্টি নামে, টিনের চালে শব্দ হয়, আর পুরোনো দিনের কথা মনে পড়ে যায়। তিনি ভাবেন, জীবনটা কি এভাবেই কেটে যাবে, নাকি কোনো একদিন নতুন কিছু ঘটবে। দরজায় কড়া নাড়ার শব্দ শোনা যায়, তিনি উঠে দাঁড়ান। জলরঙের ছবিতে আলো আর ছায়ার খেলা সবচেয়ে সুন্দর ফুটে ওঠে। শিল্পী কাগজের ওপর পানি ছড়িয়ে দেন, তারপর রঙ মেশান ধীরে ধীরে। পুরান ঢাকার অলিগলি, নৌকা, নদী আর মানুষের মুখ – সবই তাঁর তুলিতে প্রাণ পায়। পাহাড়ি পথে হাঁটতে হাঁটতে যাত্রীরা ক্লান্ত হয়ে পড়ে, তবু গন্তব্যের টানে এগিয়ে চলে। সন্ধ্যার পর শহরের রাস্তাগুলো অন্যরকম হয়ে যায়। বাতিগুলো জ্বলে উঠলে মনে হয় কেউ যেন আলোর নদী বইয়ে দিয়েছে। রফিক সাহেব অফিস থেকে ফিরে জানালার পাশে বসে থাকেন, এক কাপ কফি হাতে। বাইরে বৃষ্টি নামে, টিনের চালে শব্দ হয়, আর পুরোনো দিনের কথা মনে পড়ে যায়। তিনি ভাবেন, জীবনটা কি এভাবেই কেটে যাবে, নাকি কোনো একদিন নতুন কিছু ঘটবে। দরজায় কড়া নাড়ার শব্দ শোনা যায়, তিনি উঠে দাঁড়ান। জলরঙের ছবিতে আলো আর ছায়ার খেলা সবচেয়ে সুন্দর ফুটে ওঠে। শিল্পী কাগজের ওপর পানি ছড়িয়ে দেন, তারপর রঙ মেশান ধীরে ধীরে। পুরান ঢাকার অলিগলি, নৌকা, নদী আর মানুষের মুখ – সবই তাঁর তুলিতে প্রাণ পায়। পাহাড়ি পথে হাঁটতে হাঁটতে যাত্রীরা ক্লান্ত হয়ে পড়ে, তবু গন্তব্যের টানে এগিয়ে চলে। সন্ধ্যার পর শহরের রাস্তাগুলো অন্যরকম হয়ে যায়। বাতিগুলো জ্বলে উঠলে মনে হয় কেউ যেন আলোর নদী বইয়ে দিয়েছে। রফিক সাহেব অফিস থেকে ফিরে জানালার পাশে বসে থাকেন, এক কাপ কফি হাতে। বাইরে বৃষ্টি নামে, টিনের চালে শব্দ হয়, আর পুরোনো দিনের কথা মনে পড়ে যায়। তিনি ভাবেন, জীবনটা কি এভাবেই কেটে যাবে, নাকি কোনো একদিন নতুন কিছু ঘটবে। দরজায় কড়া নাড়ার শব্দ শোনা যায়, তিনি উঠে দাঁড়ান। জলরঙের ছবিতে আলো আর ছায়ার খেলা সবচেয়ে সুন্দর ফুটে ওঠে। শিল্পী কাগজের ওপর পানি ছড়িয়ে দেন, তারপর রঙ মেশান ধীরে ধীরে। পুরান ঢাকার অলিগলি, নৌকা, নদী আর মানুষের মুখ – সবই তাঁর তুলিতে প্রাণ পায়। পাহাড়ি পথে হাঁটতে হাঁটতে যাত্রীরা ক্লান্ত হয়ে পড়ে, তবু গন্তব্যের টানে এগিয়ে চলে। সন্ধ্যার পর শহরের রাস্তাগুলো অন্যরকম হয়ে যায়। বাতিগুলো জ্বলে উঠলে মনে হয় কেউ যেন আলোর নদী বইয়ে দিয়েছে। রফিক সাহেব অফিস থেকে ফিরে জানালার পাশে বসে থাকেন, এক কাপ কফি হাতে। বাইরে বৃষ্টি নামে, টিনের চালে শব্দ হয়, আর পুরোনো দিনের কথা মনে পড়ে যায়। তিনি ভাবেন, জীবনটা কি এভাবেই কেটে যাবে, নাকি কোনো একদিন নতুন কিছু ঘটবে। দরজায় কড়া নাড়ার শব্দ শোনা যায়, তিনি উঠে দাঁড়ান। জলরঙের ছবিতে আলো আর ছায়ার খেলা সবচেয়ে সুন্দর ফুটে ওঠে। শিল্পী কাগজের ওপর পানি ছড়িয়ে দেন, তারপর রঙ মেশান ধীরে ধীরে। পুরান ঢাকার অলিগলি, নৌকা, নদী আর মানুষের মুখ – সবই তাঁর তুলিতে প্রাণ পায়। পাহাড়ি পথে হাঁটতে হাঁটতে যাত্রীরা ক্লান্ত হয়ে পড়ে, তবু গন্তব্যের টানে এগিয়ে চলে। সন্ধ্যার পর শহরের রাস্তাগুলো অন্যরকম হয়ে যায়। বাতিগুলো জ্বলে উঠলে মনে হয় কেউ যেন আলোর নদী বইয়ে দিয়েছে। রফিক সাহেব অফিস থেকে ফিরে জানালার পাশে বসে থাকেন, এক কাপ কফি হাতে। বাইরে বৃষ্টি নামে, টিনের চালে শব্দ হয়, আর পুরোনো দিনের কথা মনে পড়ে যায়। তিনি ভাবেন, জীবনটা কি এভাবেই কেটে যাবে, নাকি কোনো একদিন নতুন কিছু ঘটবে। দরজায় কড়া নাড়ার শব্দ শোনা যায়, তিনি উঠে দাঁড়ান। জলরঙের ছবিতে আলো আর ছায়ার খেলা সবচেয়ে সুন্দর ফুটে ওঠে। শিল্পী কাগজের ওপর পানি ছড়িয়ে দেন, তারপর রঙ মেশান ধীরে ধীরে। পুরান ঢাকার অলিগলি, নৌকা, নদী আর মানুষের মুখ – সবই তাঁর তুলিতে প্রাণ পায়। পাহাড়ি পথে হাঁটতে হাঁটতে যাত্রীরা ক্লান্ত হয়ে পড়ে, তবু গন্তব্যের টানে এগিয়ে চলে।
